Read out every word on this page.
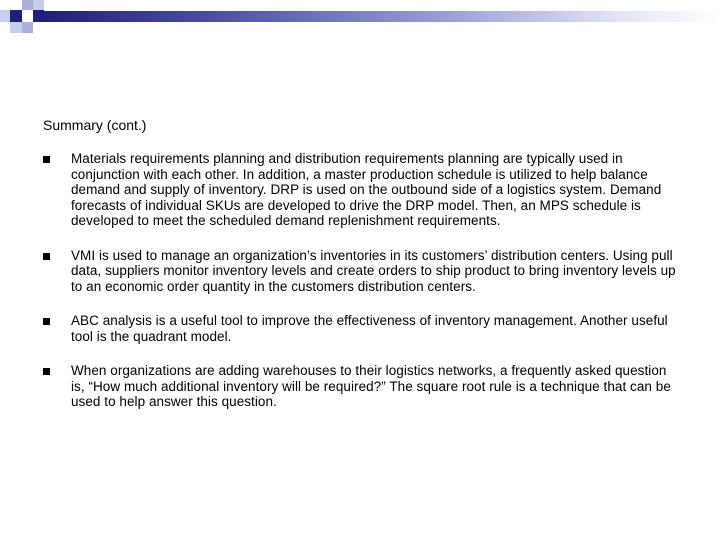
Summary (cont.)
Materials requirements planning and distribution requirements planning are typically used in conjunction with each other. In addition, a master production schedule is utilized to help balance demand and supply of inventory. DRP is used on the outbound side of a logistics system. Demand forecasts of individual SKUs are developed to drive the DRP model. Then, an MPS schedule is developed to meet the scheduled demand replenishment requirements.
VMI is used to manage an organization’s inventories in its customers’ distribution centers. Using pull data, suppliers monitor inventory levels and create orders to ship product to bring inventory levels up to an economic order quantity in the customers distribution centers.
ABC analysis is a useful tool to improve the effectiveness of inventory management. Another useful tool is the quadrant model.
When organizations are adding warehouses to their logistics networks, a frequently asked question is, “How much additional inventory will be required?” The square root rule is a technique that can be used to help answer this question.
